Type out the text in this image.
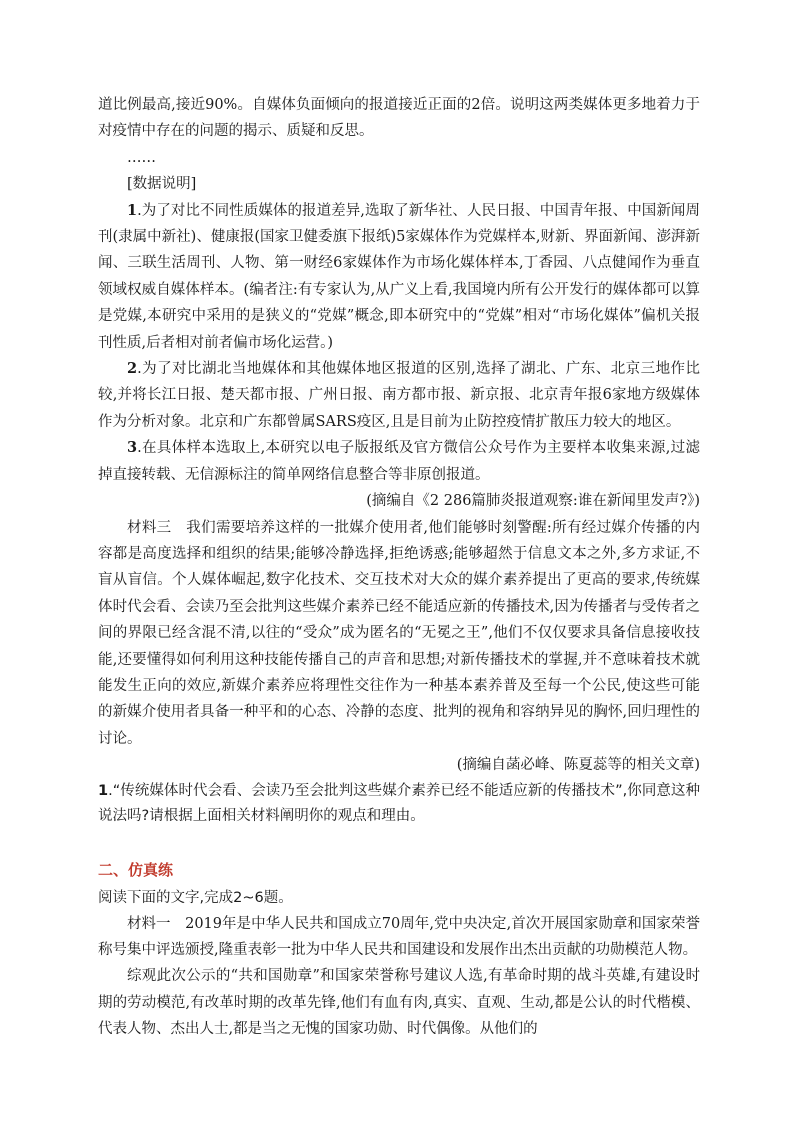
道比例最高,接近90%。自媒体负面倾向的报道接近正面的2倍。说明这两类媒体更多地着力于对疫情中存在的问题的揭示、质疑和反思。

……

[数据说明]

1.为了对比不同性质媒体的报道差异,选取了新华社、人民日报、中国青年报、中国新闻周刊(隶属中新社)、健康报(国家卫健委旗下报纸)5家媒体作为党媒样本,财新、界面新闻、澎湃新闻、三联生活周刊、人物、第一财经6家媒体作为市场化媒体样本,丁香园、八点健闻作为垂直领域权威自媒体样本。(编者注:有专家认为,从广义上看,我国境内所有公开发行的媒体都可以算是党媒,本研究中采用的是狭义的“党媒”概念,即本研究中的“党媒”相对“市场化媒体”偏机关报刊性质,后者相对前者偏市场化运营。)

2.为了对比湖北当地媒体和其他媒体地区报道的区别,选择了湖北、广东、北京三地作比较,并将长江日报、楚天都市报、广州日报、南方都市报、新京报、北京青年报6家地方级媒体作为分析对象。北京和广东都曾属SARS疫区,且是目前为止防控疫情扩散压力较大的地区。

3.在具体样本选取上,本研究以电子版报纸及官方微信公众号作为主要样本收集来源,过滤掉直接转载、无信源标注的简单网络信息整合等非原创报道。

(摘编自《2 286篇肺炎报道观察:谁在新闻里发声?》)

材料三　 我们需要培养这样的一批媒介使用者,他们能够时刻警醒:所有经过媒介传播的内容都是高度选择和组织的结果;能够冷静选择,拒绝诱惑;能够超然于信息文本之外,多方求证,不盲从盲信。个人媒体崛起,数字化技术、交互技术对大众的媒介素养提出了更高的要求,传统媒体时代会看、会读乃至会批判这些媒介素养已经不能适应新的传播技术,因为传播者与受传者之间的界限已经含混不清,以往的“受众”成为匿名的“无冕之王”,他们不仅仅要求具备信息接收技能,还要懂得如何利用这种技能传播自己的声音和思想;对新传播技术的掌握,并不意味着技术就能发生正向的效应,新媒介素养应将理性交往作为一种基本素养普及至每一个公民,使这些可能的新媒介使用者具备一种平和的心态、冷静的态度、批判的视角和容纳异见的胸怀,回归理性的讨论。

(摘编自菡必峰、陈夏蕊等的相关文章)

1.“传统媒体时代会看、会读乃至会批判这些媒介素养已经不能适应新的传播技术”,你同意这种说法吗?请根据上面相关材料阐明你的观点和理由。

二、仿真练

阅读下面的文字,完成2~6题。

材料一　 2019年是中华人民共和国成立70周年,党中央决定,首次开展国家勋章和国家荣誉称号集中评选颁授,隆重表彰一批为中华人民共和国建设和发展作出杰出贡献的功勋模范人物。

综观此次公示的“共和国勋章”和国家荣誉称号建议人选,有革命时期的战斗英雄,有建设时期的劳动模范,有改革时期的改革先锋,他们有血有肉,真实、直观、生动,都是公认的时代楷模、代表人物、杰出人士,都是当之无愧的国家功勋、时代偶像。从他们的
